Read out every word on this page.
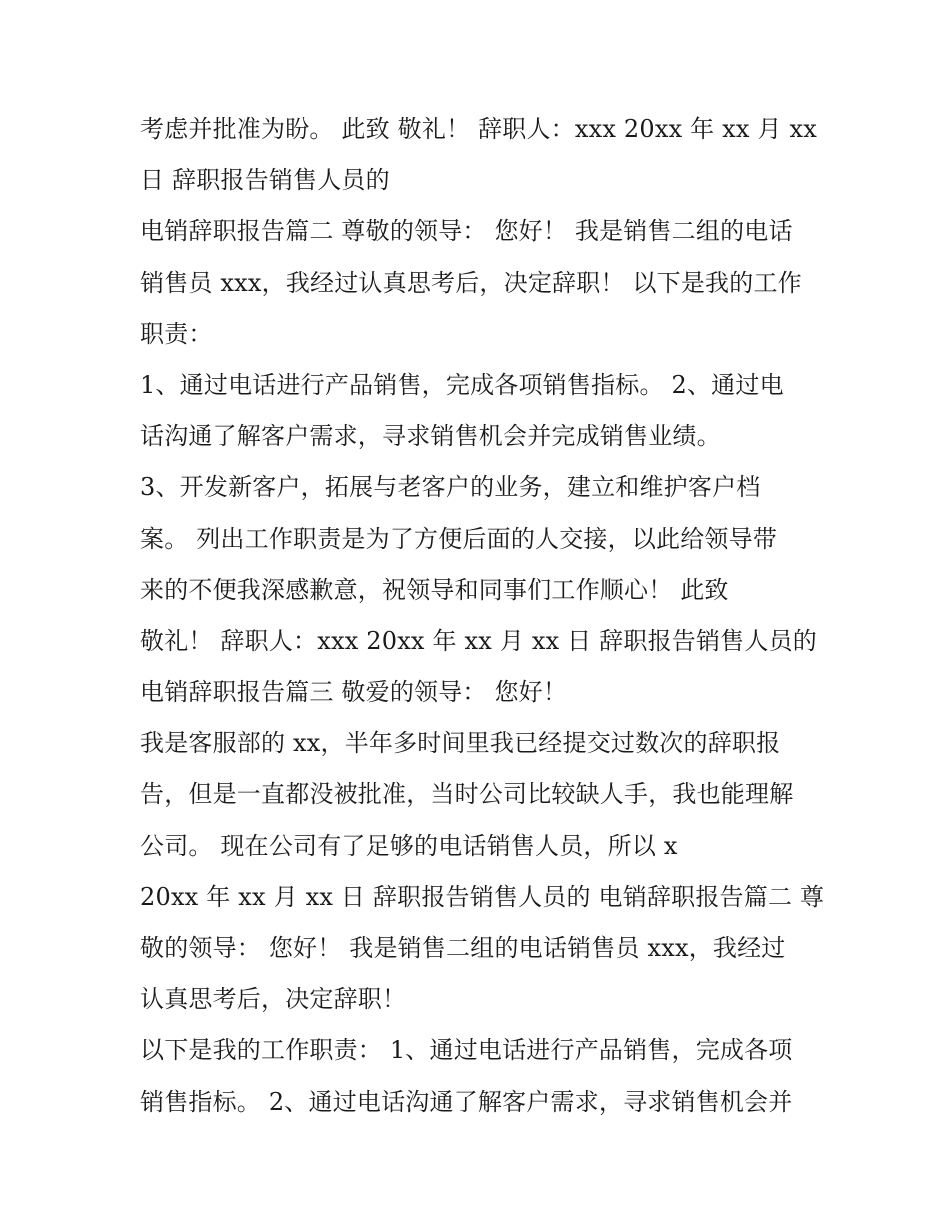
考虑并批准为盼。 此致 敬礼！ 辞职人：xxx 20xx 年 xx 月 xx
日 辞职报告销售人员的
电销辞职报告篇二 尊敬的领导： 您好！ 我是销售二组的电话
销售员 xxx，我经过认真思考后，决定辞职！ 以下是我的工作
职责：
1、通过电话进行产品销售，完成各项销售指标。 2、通过电
话沟通了解客户需求，寻求销售机会并完成销售业绩。
3、开发新客户，拓展与老客户的业务，建立和维护客户档
案。 列出工作职责是为了方便后面的人交接，以此给领导带
来的不便我深感歉意，祝领导和同事们工作顺心！ 此致
敬礼！ 辞职人：xxx 20xx 年 xx 月 xx 日 辞职报告销售人员的
电销辞职报告篇三 敬爱的领导： 您好！
我是客服部的 xx，半年多时间里我已经提交过数次的辞职报
告，但是一直都没被批准，当时公司比较缺人手，我也能理解
公司。 现在公司有了足够的电话销售人员，所以 x
20xx 年 xx 月 xx 日 辞职报告销售人员的 电销辞职报告篇二 尊
敬的领导： 您好！ 我是销售二组的电话销售员 xxx，我经过
认真思考后，决定辞职！
以下是我的工作职责： 1、通过电话进行产品销售，完成各项
销售指标。 2、通过电话沟通了解客户需求，寻求销售机会并
